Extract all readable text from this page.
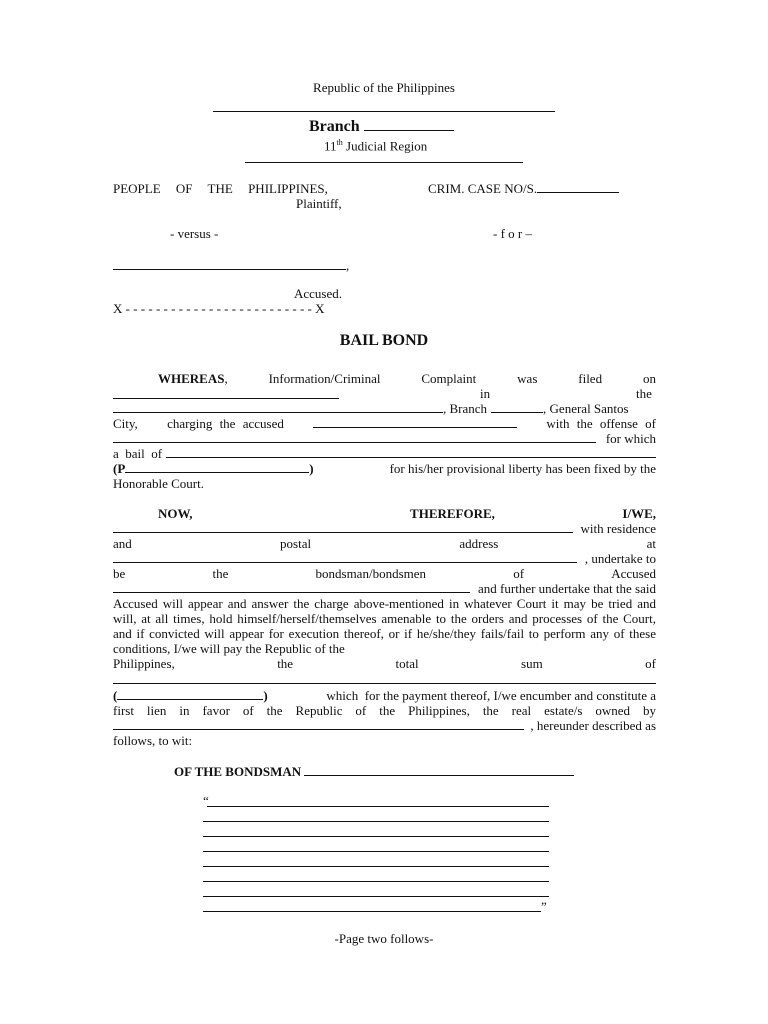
Republic of the Philippines
Branch
11th Judicial Region
PEOPLE OF THE PHILIPPINES,
Plaintiff,
CRIM. CASE NO/S.
- versus -	- f o r –
,
Accused.
X - - - - - - - - - - - - - - - - - - - - - - - - - X
BAIL BOND
WHEREAS,	Information/Criminal	Complaint	was	filed	on
in	the
, Branch	, General Santos
City, charging the accused	with the offense of
for which
a  bail  of
(P	)	for his/her provisional liberty has been fixed by the
Honorable Court.
NOW,	THEREFORE,	I/WE,
with residence
and	postal	address	at
, undertake to
be	the	bondsman/bondsmen	of	Accused
and further undertake that the said
Accused will appear and answer the charge above-mentioned in whatever Court it may be tried and will, at all times, hold himself/herself/themselves amenable to the orders and processes of the Court, and if convicted will appear for execution thereof, or if he/she/they fails/fail to perform any of these conditions, I/we will pay the Republic of the
Philippines,	the	total	sum	of
(	)	which  for the payment thereof, I/we encumber and constitute a
first lien in favor of the Republic of the Philippines, the real estate/s owned by
, hereunder described as
follows, to wit:
OF THE BONDSMAN
“
”
-Page two follows-
